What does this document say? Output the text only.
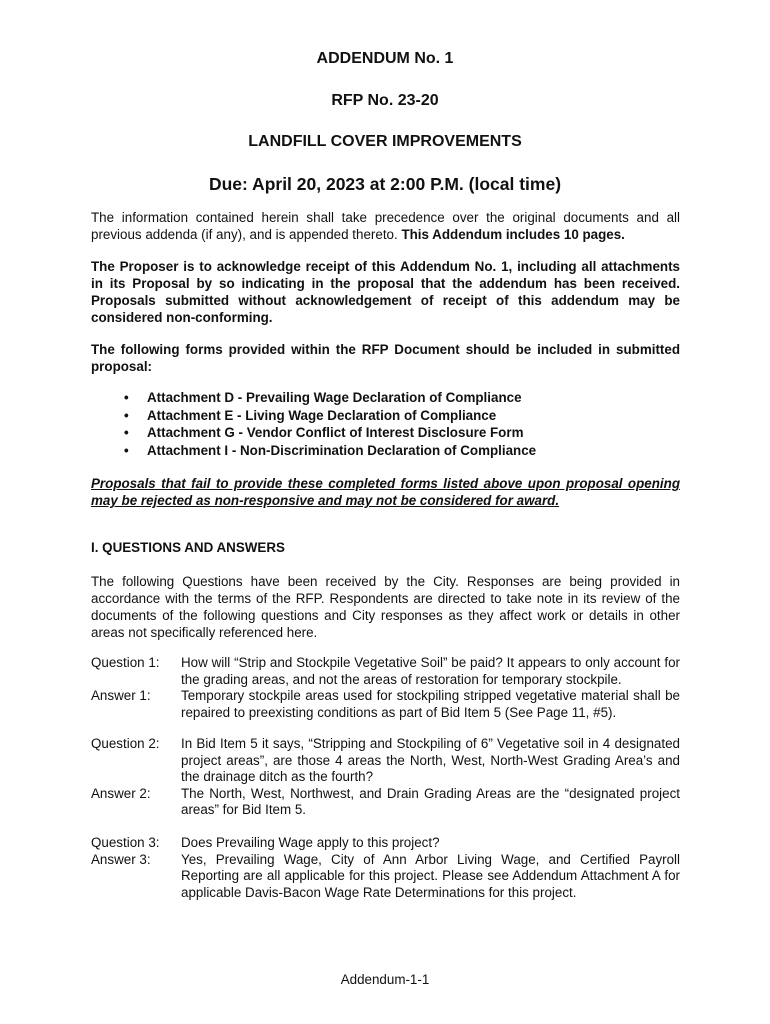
ADDENDUM No. 1
RFP No. 23-20
LANDFILL COVER IMPROVEMENTS
Due: April 20, 2023 at 2:00 P.M. (local time)

The information contained herein shall take precedence over the original documents and all previous addenda (if any), and is appended thereto. This Addendum includes 10 pages.

The Proposer is to acknowledge receipt of this Addendum No. 1, including all attachments in its Proposal by so indicating in the proposal that the addendum has been received. Proposals submitted without acknowledgement of receipt of this addendum may be considered non-conforming.

The following forms provided within the RFP Document should be included in submitted proposal:

• Attachment D - Prevailing Wage Declaration of Compliance
• Attachment E - Living Wage Declaration of Compliance
• Attachment G - Vendor Conflict of Interest Disclosure Form
• Attachment I - Non-Discrimination Declaration of Compliance

Proposals that fail to provide these completed forms listed above upon proposal opening may be rejected as non-responsive and may not be considered for award.

I. QUESTIONS AND ANSWERS

The following Questions have been received by the City. Responses are being provided in accordance with the terms of the RFP. Respondents are directed to take note in its review of the documents of the following questions and City responses as they affect work or details in other areas not specifically referenced here.

Question 1:	How will “Strip and Stockpile Vegetative Soil” be paid? It appears to only account for the grading areas, and not the areas of restoration for temporary stockpile.
Answer 1:	Temporary stockpile areas used for stockpiling stripped vegetative material shall be repaired to preexisting conditions as part of Bid Item 5 (See Page 11, #5).
Question 2:	In Bid Item 5 it says, “Stripping and Stockpiling of 6” Vegetative soil in 4 designated project areas”, are those 4 areas the North, West, North-West Grading Area’s and the drainage ditch as the fourth?
Answer 2:	The North, West, Northwest, and Drain Grading Areas are the “designated project areas” for Bid Item 5.
Question 3:	Does Prevailing Wage apply to this project?
Answer 3:	Yes, Prevailing Wage, City of Ann Arbor Living Wage, and Certified Payroll Reporting are all applicable for this project. Please see Addendum Attachment A for applicable Davis-Bacon Wage Rate Determinations for this project.
Addendum-1-1
